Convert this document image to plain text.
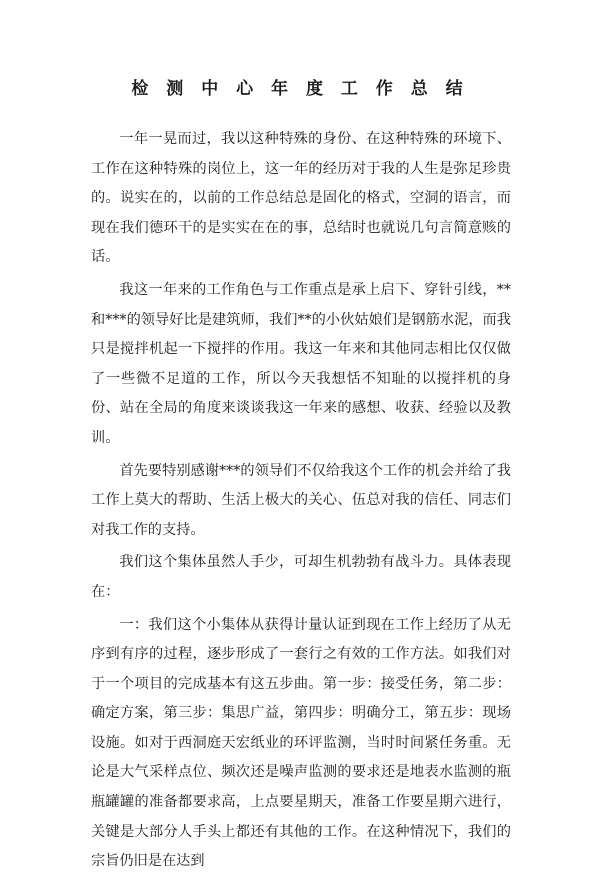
检 测 中 心 年 度 工 作 总 结

一年一晃而过，我以这种特殊的身份、在这种特殊的环境下、工作在这种特殊的岗位上，这一年的经历对于我的人生是弥足珍贵的。说实在的，以前的工作总结总是固化的格式，空洞的语言，而现在我们德环干的是实实在在的事，总结时也就说几句言简意赅的话。

我这一年来的工作角色与工作重点是承上启下、穿针引线，**和***的领导好比是建筑师，我们**的小伙姑娘们是钢筋水泥，而我只是搅拌机起一下搅拌的作用。我这一年来和其他同志相比仅仅做了一些微不足道的工作，所以今天我想恬不知耻的以搅拌机的身份、站在全局的角度来谈谈我这一年来的感想、收获、经验以及教训。

首先要特别感谢***的领导们不仅给我这个工作的机会并给了我工作上莫大的帮助、生活上极大的关心、伍总对我的信任、同志们对我工作的支持。

我们这个集体虽然人手少，可却生机勃勃有战斗力。具体表现在：

一：我们这个小集体从获得计量认证到现在工作上经历了从无序到有序的过程，逐步形成了一套行之有效的工作方法。如我们对于一个项目的完成基本有这五步曲。第一步：接受任务，第二步：确定方案，第三步：集思广益，第四步：明确分工，第五步：现场设施。如对于西洞庭天宏纸业的环评监测，当时时间紧任务重。无论是大气采样点位、频次还是噪声监测的要求还是地表水监测的瓶瓶罐罐的准备都要求高，上点要星期天，准备工作要星期六进行，关键是大部分人手头上都还有其他的工作。在这种情况下，我们的宗旨仍旧是在达到
